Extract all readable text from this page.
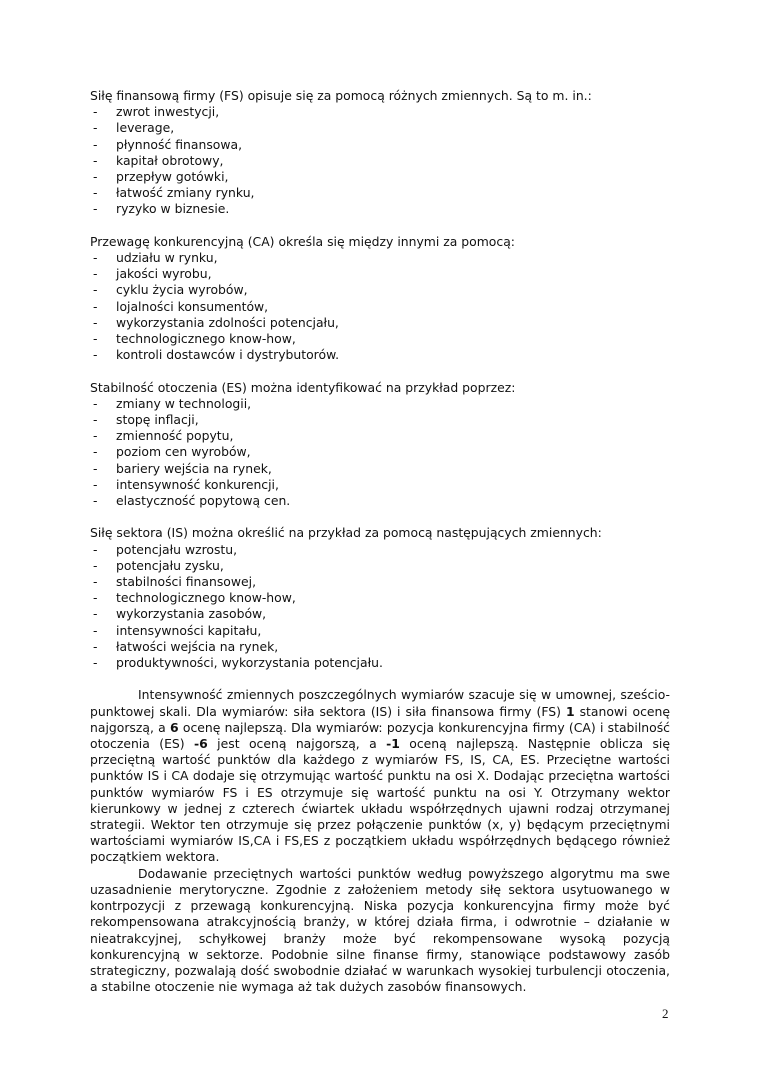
Siłę finansową firmy (FS) opisuje się za pomocą różnych zmiennych. Są to m. in.:

- zwrot inwestycji,
- leverage,
- płynność finansowa,
- kapitał obrotowy,
- przepływ gotówki,
- łatwość zmiany rynku,
- ryzyko w biznesie.

Przewagę konkurencyjną (CA) określa się między innymi za pomocą:

- udziału w rynku,
- jakości wyrobu,
- cyklu życia wyrobów,
- lojalności konsumentów,
- wykorzystania zdolności potencjału,
- technologicznego know-how,
- kontroli dostawców i dystrybutorów.

Stabilność otoczenia (ES) można identyfikować na przykład poprzez:

- zmiany w technologii,
- stopę inflacji,
- zmienność popytu,
- poziom cen wyrobów,
- bariery wejścia na rynek,
- intensywność konkurencji,
- elastyczność popytową cen.

Siłę sektora (IS) można określić na przykład za pomocą następujących zmiennych:

- potencjału wzrostu,
- potencjału zysku,
- stabilności finansowej,
- technologicznego know-how,
- wykorzystania zasobów,
- intensywności kapitału,
- łatwości wejścia na rynek,
- produktywności, wykorzystania potencjału.

Intensywność zmiennych poszczególnych wymiarów szacuje się w umownej, sześcio-punktowej skali. Dla wymiarów: siła sektora (IS) i siła finansowa firmy (FS) 1 stanowi ocenę najgorszą, a 6 ocenę najlepszą. Dla wymiarów: pozycja konkurencyjna firmy (CA) i stabilność otoczenia (ES) -6 jest oceną najgorszą, a -1 oceną najlepszą. Następnie oblicza się przeciętną wartość punktów dla każdego z wymiarów FS, IS, CA, ES. Przeciętne wartości punktów IS i CA dodaje się otrzymując wartość punktu na osi X. Dodając przeciętna wartości punktów wymiarów FS i ES otrzymuje się wartość punktu na osi Y. Otrzymany wektor kierunkowy w jednej z czterech ćwiartek układu współrzędnych ujawni rodzaj otrzymanej strategii. Wektor ten otrzymuje się przez połączenie punktów (x, y) będącym przeciętnymi wartościami wymiarów IS,CA i FS,ES z początkiem układu współrzędnych będącego również początkiem wektora.

Dodawanie przeciętnych wartości punktów według powyższego algorytmu ma swe uzasadnienie merytoryczne. Zgodnie z założeniem metody siłę sektora usytuowanego w kontrpozycji z przewagą konkurencyjną. Niska pozycja konkurencyjna firmy może być rekompensowana atrakcyjnością branży, w której działa firma, i odwrotnie – działanie w nieatrakcyjnej, schyłkowej branży może być rekompensowane wysoką pozycją konkurencyjną w sektorze. Podobnie silne finanse firmy, stanowiące podstawowy zasób strategiczny, pozwalają dość swobodnie działać w warunkach wysokiej turbulencji otoczenia, a stabilne otoczenie nie wymaga aż tak dużych zasobów finansowych.

2
